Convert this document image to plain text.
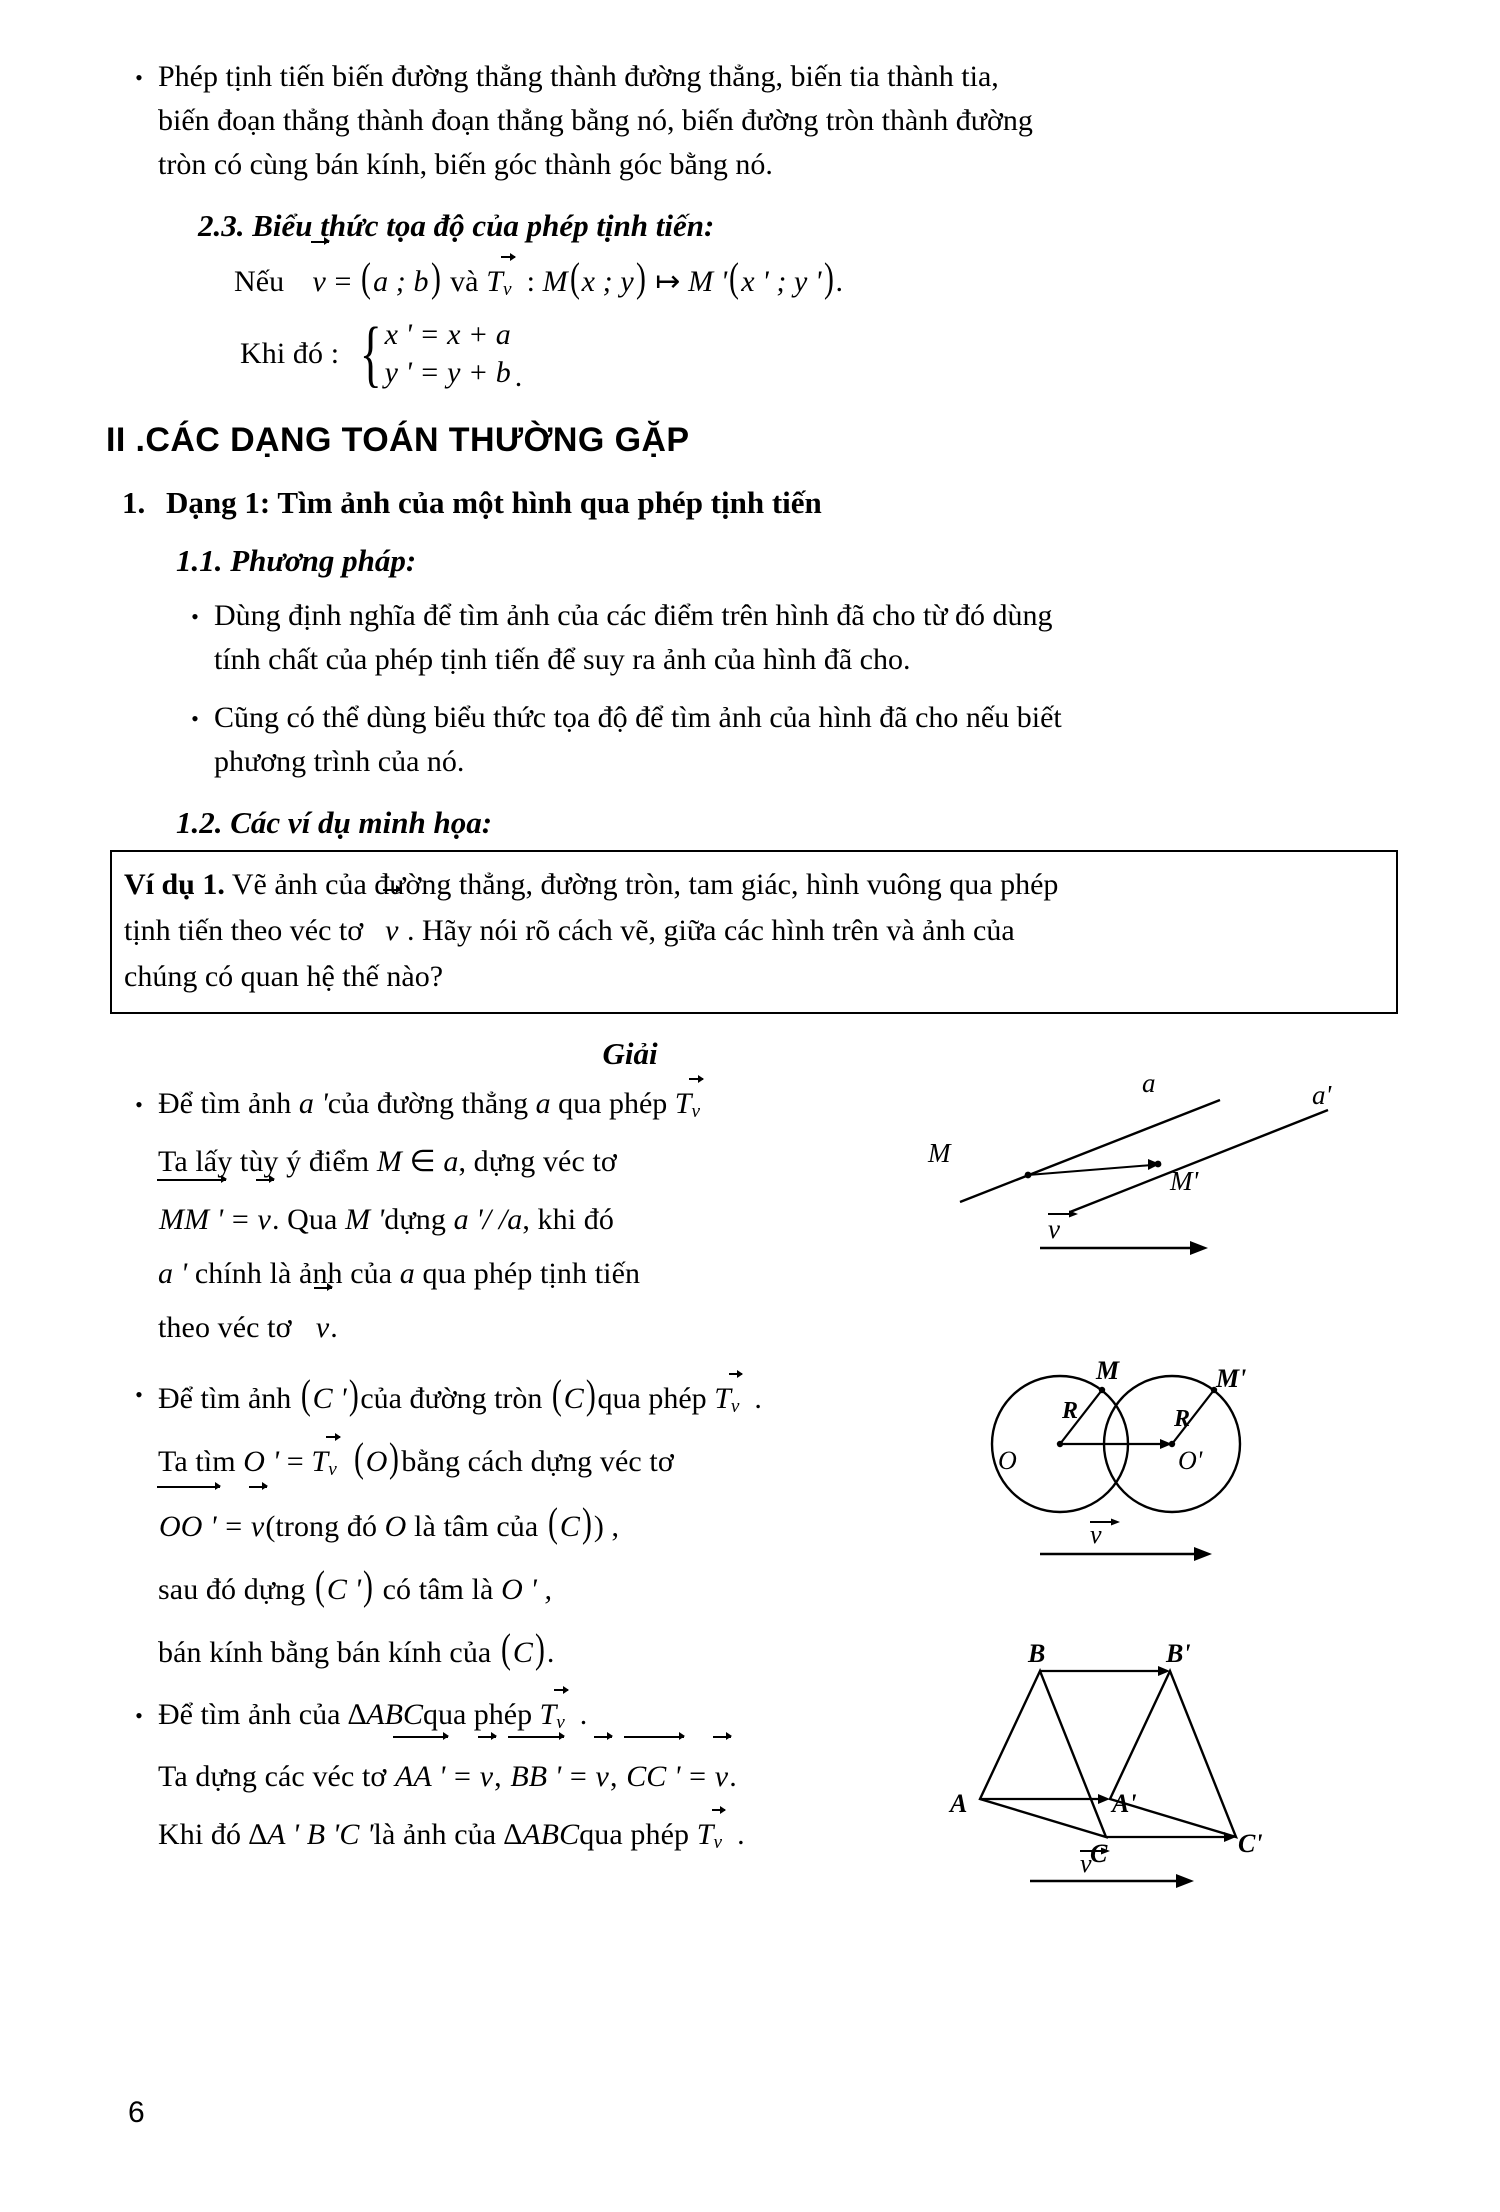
•
Phép tịnh tiến biến đường thẳng thành đường thẳng, biến tia thành tia,
biến đoạn thẳng thành đoạn thẳng bằng nó, biến đường tròn thành đường
tròn có cùng bán kính, biến góc thành góc bằng nó.
2.3. Biểu thức tọa độ của phép tịnh tiến:
Nếu v = (a ; b) và T v : M(x ; y) ↦ M '(x ' ; y ').
Khi đó : { x ' = x + a
y ' = y + b .
II .CÁC DẠNG TOÁN THƯỜNG GẶP
1. Dạng 1: Tìm ảnh của một hình qua phép tịnh tiến
1.1. Phương pháp:
•
Dùng định nghĩa để tìm ảnh của các điểm trên hình đã cho từ đó dùng
tính chất của phép tịnh tiến để suy ra ảnh của hình đã cho.
•
Cũng có thể dùng biểu thức tọa độ để tìm ảnh của hình đã cho nếu biết
phương trình của nó.
1.2. Các ví dụ minh họa:
Ví dụ 1. Vẽ ảnh của đường thẳng, đường tròn, tam giác, hình vuông qua phép
tịnh tiến theo véc tơ v . Hãy nói rõ cách vẽ, giữa các hình trên và ảnh của
chúng có quan hệ thế nào?
Giải
•
Để tìm ảnh a 'của đường thẳng a qua phép T v
Ta lấy tùy ý điểm M ∈ a, dựng véc tơ
MM ' = v. Qua M 'dựng a '/ /a, khi đó
a ' chính là ảnh của a qua phép tịnh tiến
theo véc tơ v.
M
M'
a	a'
v
•
Để tìm ảnh (C ')của đường tròn (C)qua phép T v .
Ta tìm O ' = T v (O)bằng cách dựng véc tơ
OO ' = v(trong đó O là tâm của (C)) ,
sau đó dựng (C ') có tâm là O ' ,
bán kính bằng bán kính của (C).
O	O'
M	M'
R	R
v
•
Để tìm ảnh của ∆ABCqua phép T v .
Ta dựng các véc tơ AA ' = v, BB ' = v, CC ' = v.
Khi đó ∆A ' B 'C 'là ảnh của ∆ABCqua phép T v .
A
B
C
A'
B'
C'
v
6
